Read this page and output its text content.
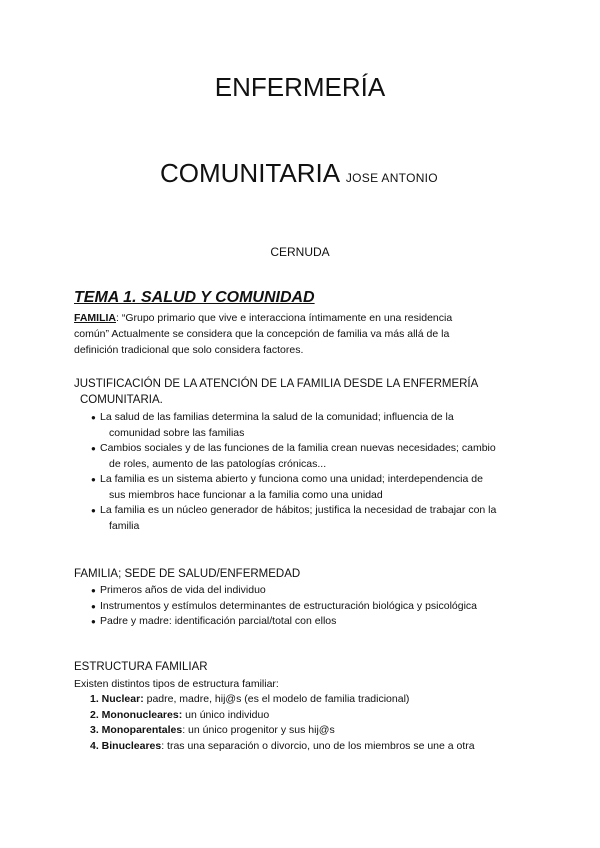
ENFERMERÍA
COMUNITARIA JOSE ANTONIO
CERNUDA
TEMA 1. SALUD Y COMUNIDAD
FAMILIA: “Grupo primario que vive e interacciona íntimamente en una residencia
común” Actualmente se considera que la concepción de familia va más allá de la
definición tradicional que solo considera factores.
JUSTIFICACIÓN DE LA ATENCIÓN DE LA FAMILIA DESDE LA ENFERMERÍA
COMUNITARIA.
● La salud de las familias determina la salud de la comunidad; influencia de la
comunidad sobre las familias
● Cambios sociales y de las funciones de la familia crean nuevas necesidades; cambio
de roles, aumento de las patologías crónicas...
● La familia es un sistema abierto y funciona como una unidad; interdependencia de
sus miembros hace funcionar a la familia como una unidad
● La familia es un núcleo generador de hábitos; justifica la necesidad de trabajar con la
familia
FAMILIA; SEDE DE SALUD/ENFERMEDAD
● Primeros años de vida del individuo
● Instrumentos y estímulos determinantes de estructuración biológica y psicológica
● Padre y madre: identificación parcial/total con ellos
ESTRUCTURA FAMILIAR
Existen distintos tipos de estructura familiar:
1. Nuclear: padre, madre, hij@s (es el modelo de familia tradicional)
2. Mononucleares: un único individuo
3. Monoparentales: un único progenitor y sus hij@s
4. Binucleares: tras una separación o divorcio, uno de los miembros se une a otra
